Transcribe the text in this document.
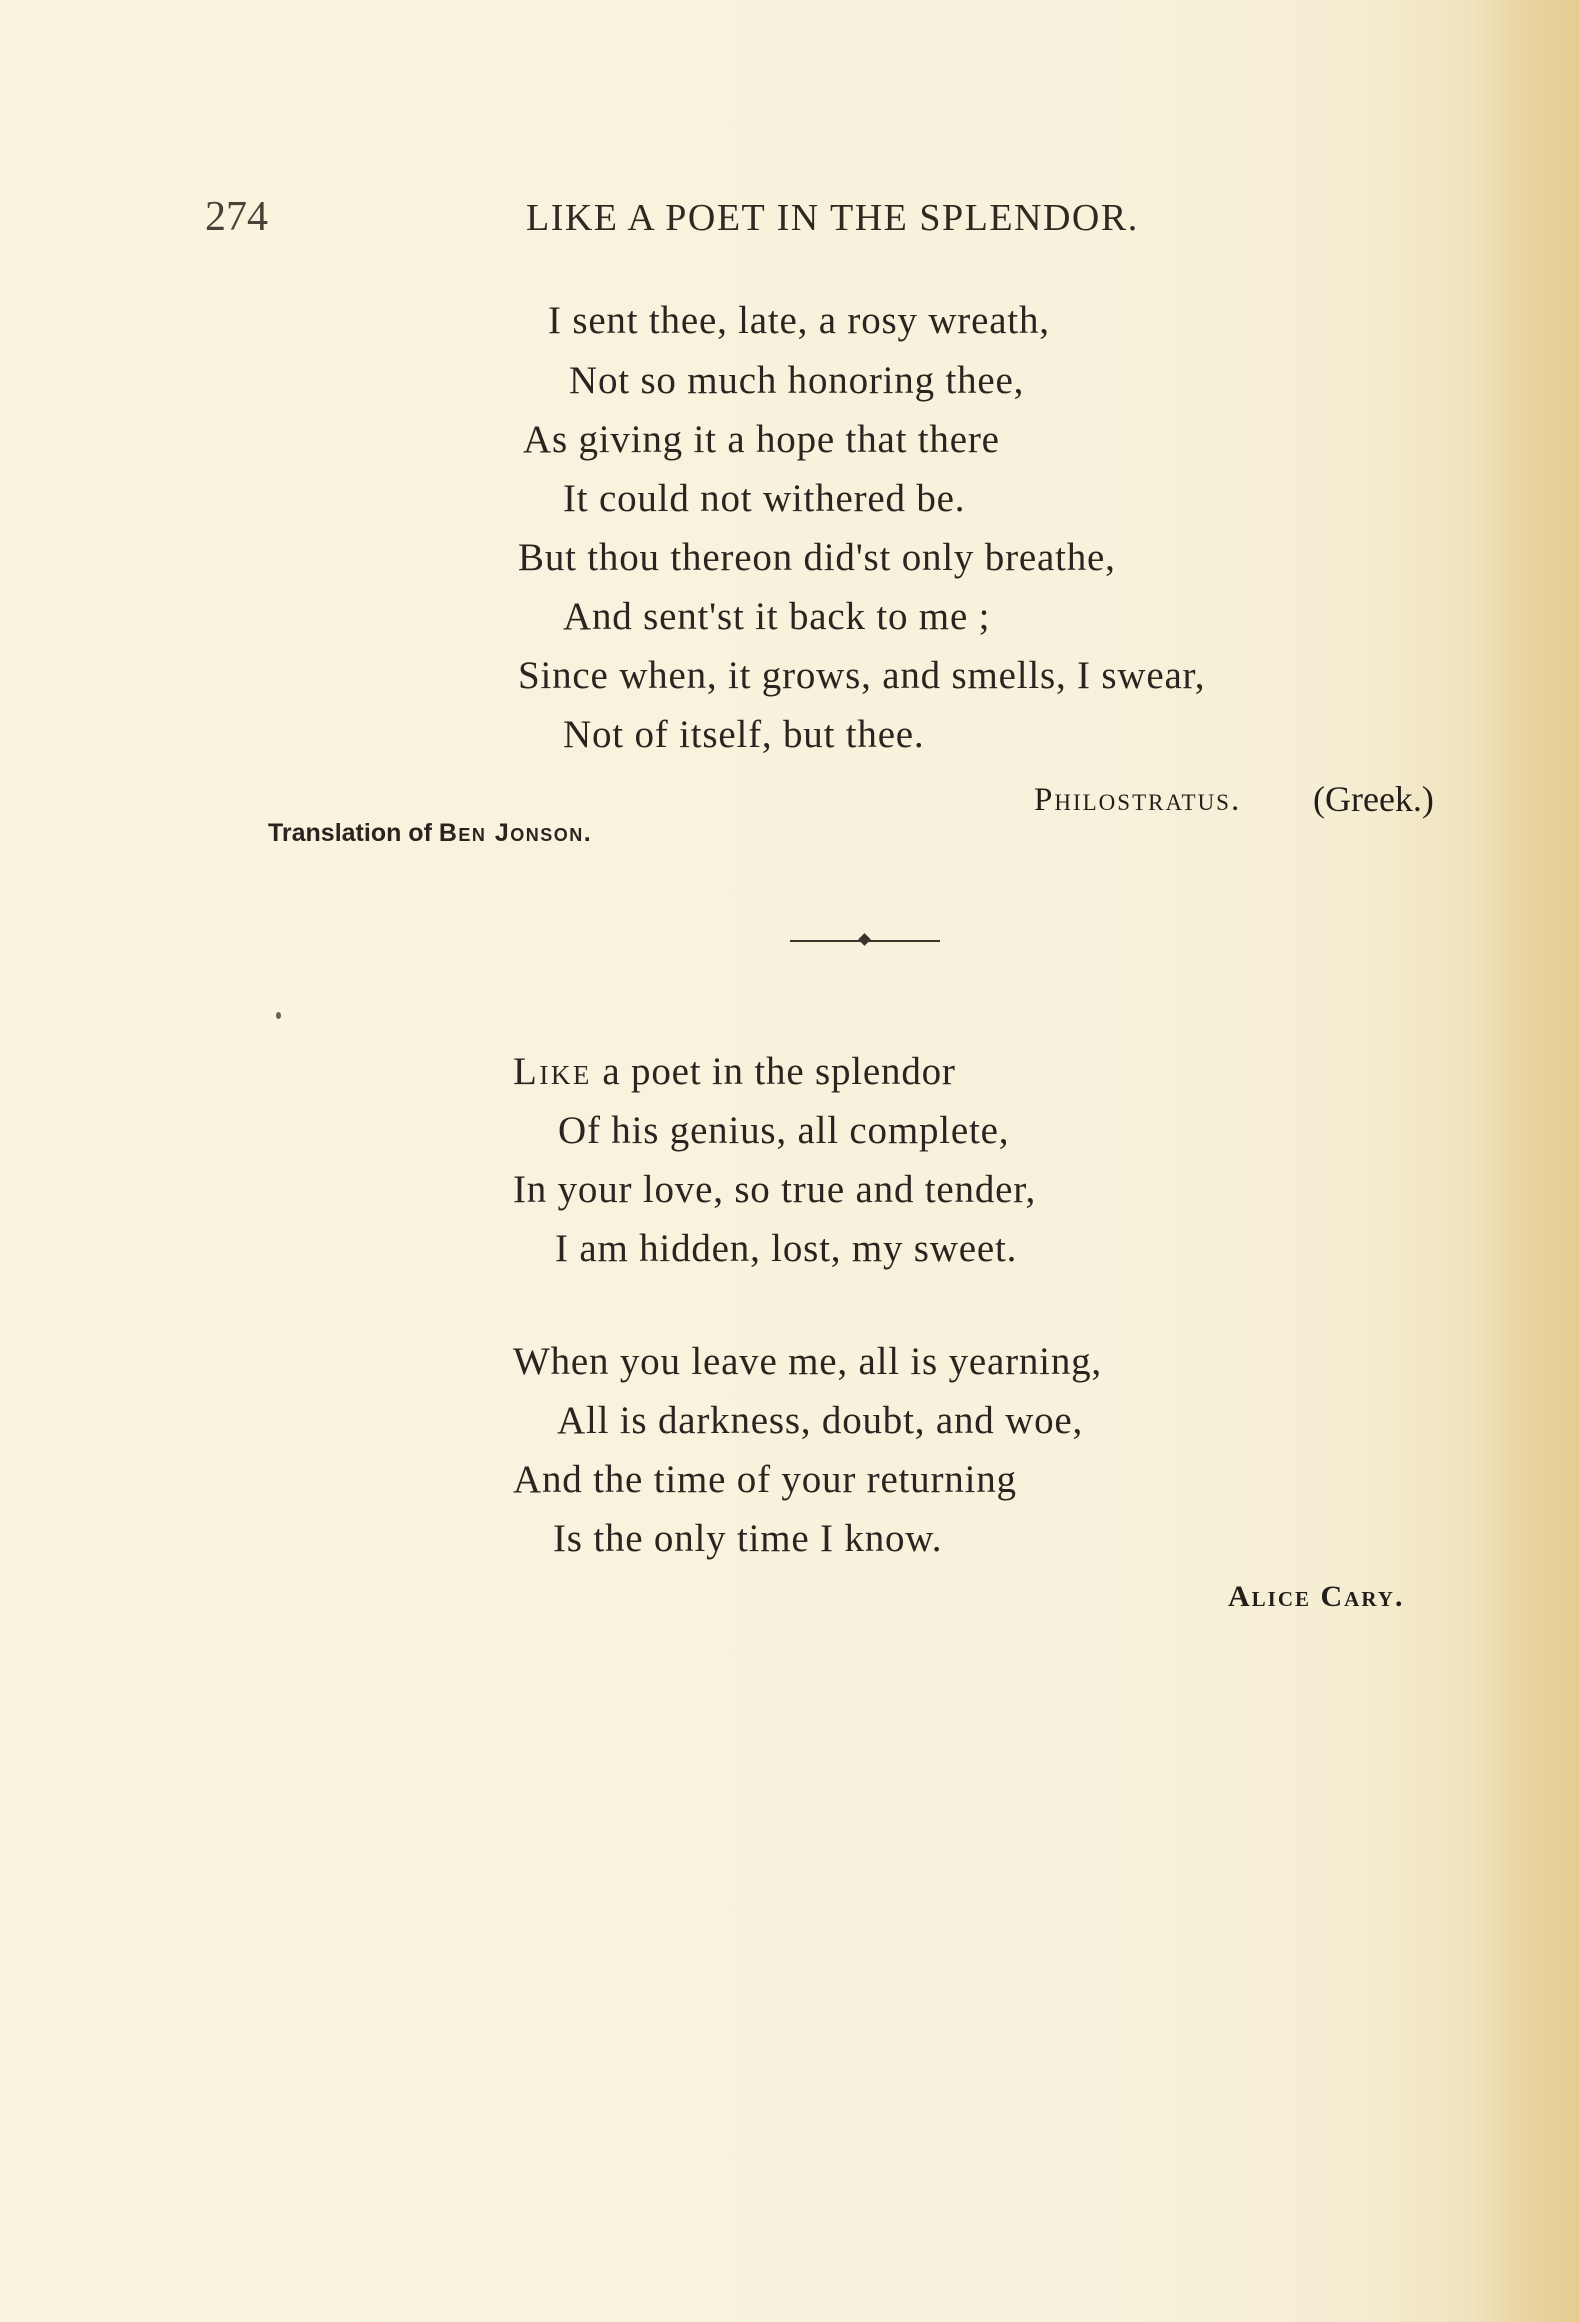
274	LIKE A POET IN THE SPLENDOR.
I sent thee, late, a rosy wreath,
Not so much honoring thee,
As giving it a hope that there
It could not withered be.
But thou thereon did'st only breathe,
And sent'st it back to me ;
Since when, it grows, and smells, I swear,
Not of itself, but thee.
Philostratus. (Greek.)
Translation of Ben Jonson.
Like a poet in the splendor
Of his genius, all complete,
In your love, so true and tender,
I am hidden, lost, my sweet.
When you leave me, all is yearning,
All is darkness, doubt, and woe,
And the time of your returning
Is the only time I know.
Alice Cary.
